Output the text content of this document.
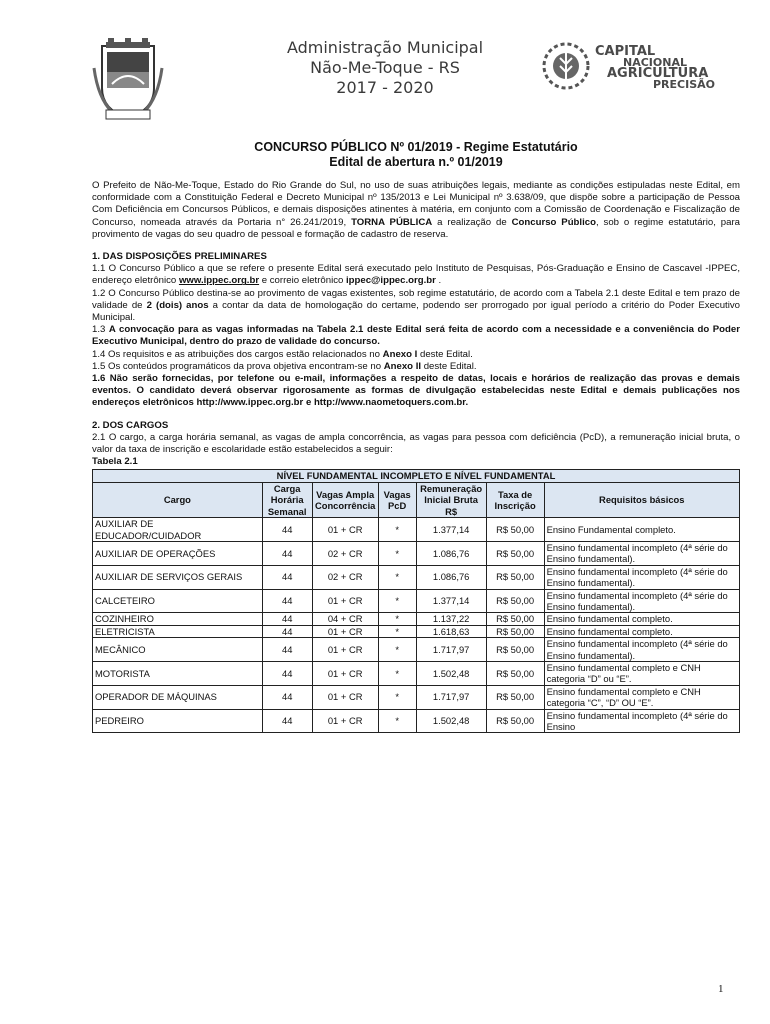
Administração Municipal
Não-Me-Toque - RS
2017 - 2020
CAPITAL
NACIONAL
AGRICULTURA
PRECISÃO
CONCURSO PÚBLICO Nº 01/2019 - Regime Estatutário
Edital de abertura n.º 01/2019

O Prefeito de Não-Me-Toque, Estado do Rio Grande do Sul, no uso de suas atribuições legais, mediante as condições estipuladas neste Edital, em conformidade com a Constituição Federal e Decreto Municipal nº 135/2013 e Lei Municipal nº 3.638/09, que dispõe sobre a participação de Pessoa Com Deficiência em Concursos Públicos, e demais disposições atinentes à matéria, em conjunto com a Comissão de Coordenação e Fiscalização de Concurso, nomeada através da Portaria n° 26.241/2019, TORNA PÚBLICA a realização de Concurso Público, sob o regime estatutário, para provimento de vagas do seu quadro de pessoal e formação de cadastro de reserva.

1. DAS DISPOSIÇÕES PRELIMINARES

1.1 O Concurso Público a que se refere o presente Edital será executado pelo Instituto de Pesquisas, Pós-Graduação e Ensino de Cascavel -IPPEC, endereço eletrônico www.ippec.org.br e correio eletrônico ippec@ippec.org.br .

1.2 O Concurso Público destina-se ao provimento de vagas existentes, sob regime estatutário, de acordo com a Tabela 2.1 deste Edital e tem prazo de validade de 2 (dois) anos a contar da data de homologação do certame, podendo ser prorrogado por igual período a critério do Poder Executivo Municipal.

1.3 A convocação para as vagas informadas na Tabela 2.1 deste Edital será feita de acordo com a necessidade e a conveniência do Poder Executivo Municipal, dentro do prazo de validade do concurso.

1.4 Os requisitos e as atribuições dos cargos estão relacionados no Anexo I deste Edital.

1.5 Os conteúdos programáticos da prova objetiva encontram-se no Anexo II deste Edital.

1.6 Não serão fornecidas, por telefone ou e-mail, informações a respeito de datas, locais e horários de realização das provas e demais eventos. O candidato deverá observar rigorosamente as formas de divulgação estabelecidas neste Edital e demais publicações nos endereços eletrônicos http://www.ippec.org.br e http://www.naometoquers.com.br.

2. DOS CARGOS

2.1 O cargo, a carga horária semanal, as vagas de ampla concorrência, as vagas para pessoa com deficiência (PcD), a remuneração inicial bruta, o valor da taxa de inscrição e escolaridade estão estabelecidos a seguir:

Tabela 2.1

NÍVEL FUNDAMENTAL INCOMPLETO E NÍVEL FUNDAMENTAL						
Cargo	Carga Horária Semanal	Vagas Ampla Concorrência	Vagas PcD	Remuneração Inicial Bruta R$	Taxa de Inscrição	Requisitos básicos
AUXILIAR DE EDUCADOR/CUIDADOR	44	01 + CR	*	1.377,14	R$ 50,00	Ensino Fundamental completo.
AUXILIAR DE OPERAÇÕES	44	02 + CR	*	1.086,76	R$ 50,00	Ensino fundamental incompleto (4ª série do Ensino fundamental).
AUXILIAR DE SERVIÇOS GERAIS	44	02 + CR	*	1.086,76	R$ 50,00	Ensino fundamental incompleto (4ª série do Ensino fundamental).
CALCETEIRO	44	01 + CR	*	1.377,14	R$ 50,00	Ensino fundamental incompleto (4ª série do Ensino fundamental).
COZINHEIRO	44	04 + CR	*	1.137,22	R$ 50,00	Ensino fundamental completo.
ELETRICISTA	44	01 + CR	*	1.618,63	R$ 50,00	Ensino fundamental completo.
MECÂNICO	44	01 + CR	*	1.717,97	R$ 50,00	Ensino fundamental incompleto (4ª série do Ensino fundamental).
MOTORISTA	44	01 + CR	*	1.502,48	R$ 50,00	Ensino fundamental completo e CNH categoria “D” ou “E”.
OPERADOR DE MÁQUINAS	44	01 + CR	*	1.717,97	R$ 50,00	Ensino fundamental completo e CNH categoria “C”, “D” OU “E”.
PEDREIRO	44	01 + CR	*	1.502,48	R$ 50,00	Ensino fundamental incompleto (4ª série do Ensino
1
